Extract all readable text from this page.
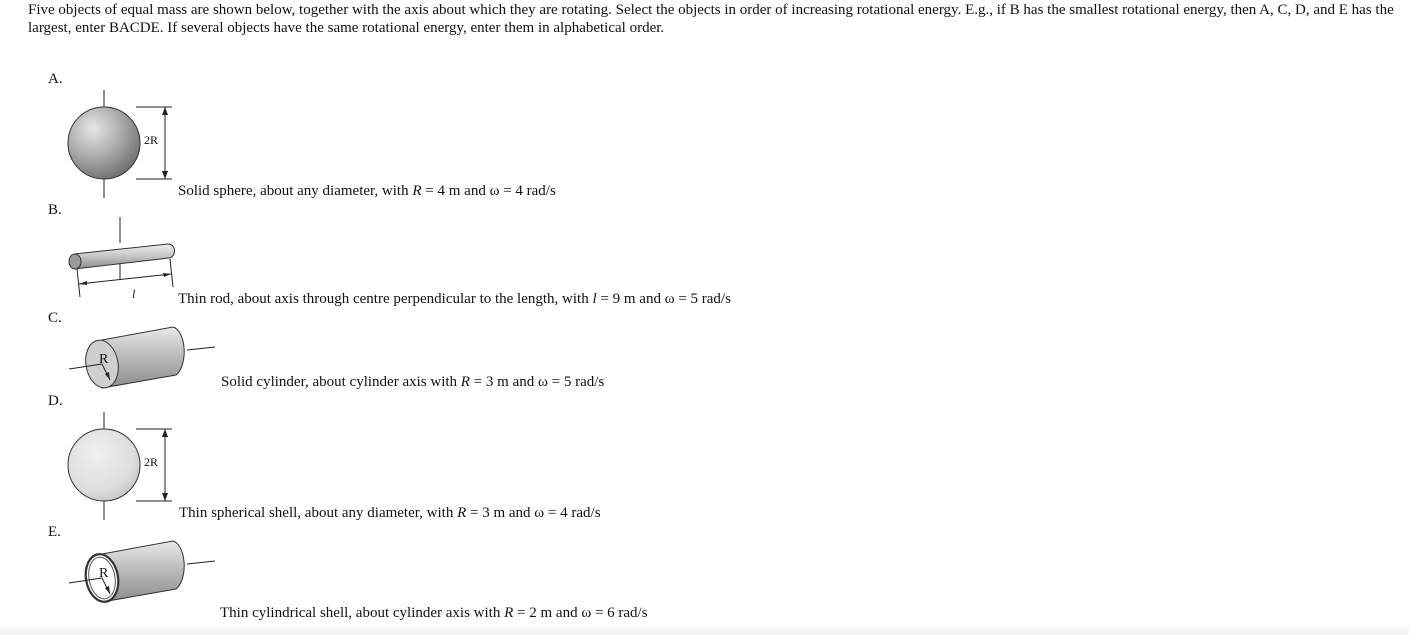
Five objects of equal mass are shown below, together with the axis about which they are rotating. Select the objects in order of increasing rotational energy. E.g., if B has the smallest rotational energy, then A, C, D, and E has the largest, enter BACDE. If several objects have the same rotational energy, enter them in alphabetical order.

A.
2R
Solid sphere, about any diameter, with R = 4 m and ω = 4 rad/s
B.
l	Thin rod, about axis through centre perpendicular to the length, with l = 9 m and ω = 5 rad/s
C.
R
Solid cylinder, about cylinder axis with R = 3 m and ω = 5 rad/s
D.
2R
Thin spherical shell, about any diameter, with R = 3 m and ω = 4 rad/s
E.
R
Thin cylindrical shell, about cylinder axis with R = 2 m and ω = 6 rad/s
